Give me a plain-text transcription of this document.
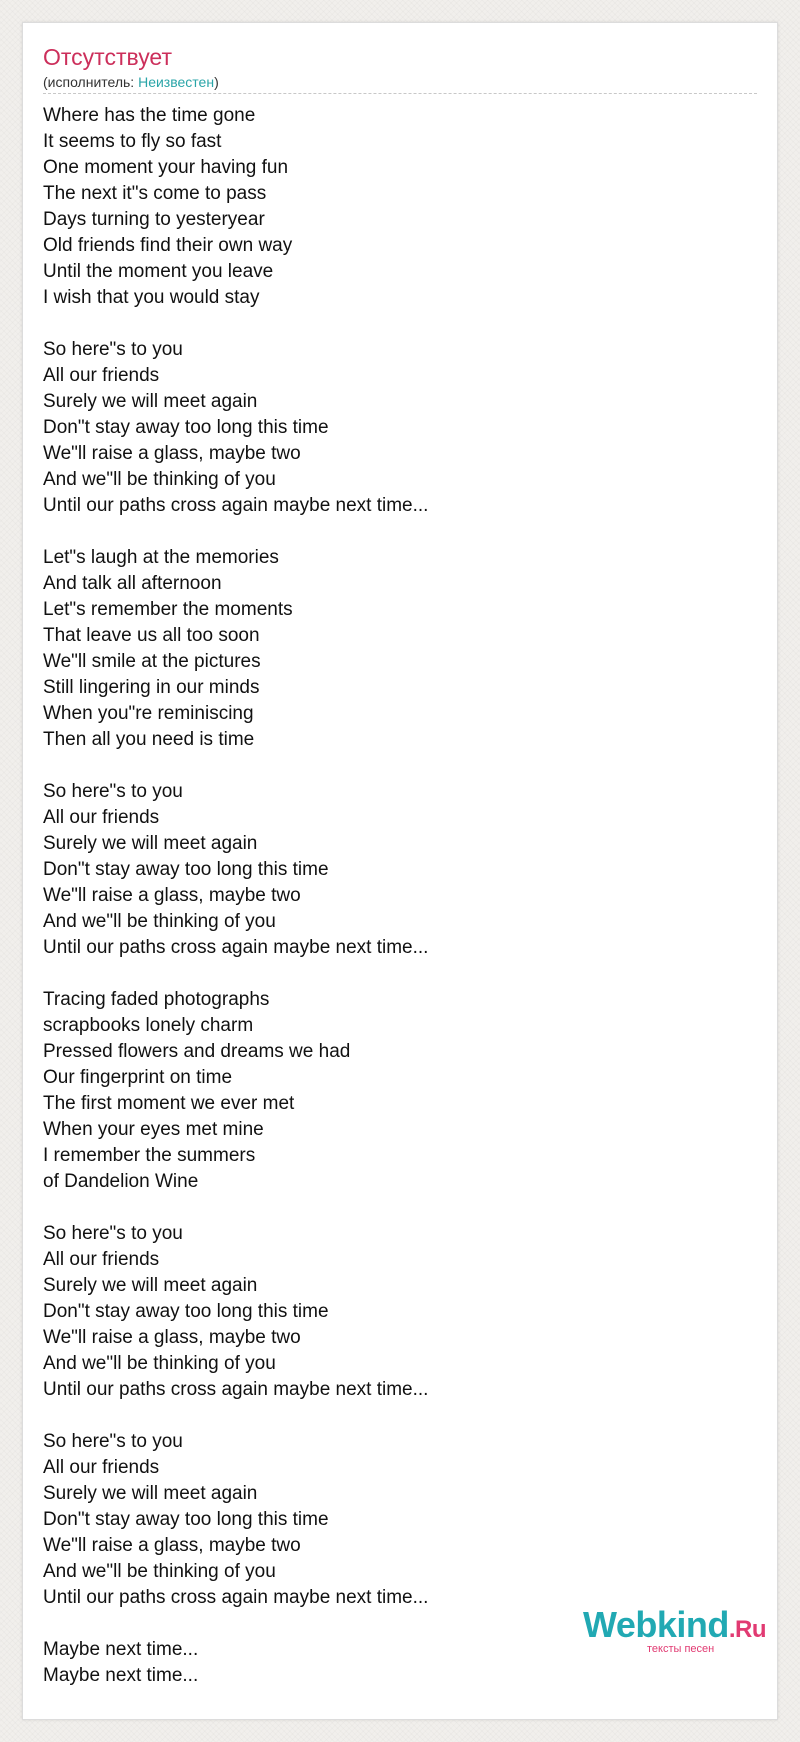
Отсутствует
(исполнитель: Неизвестен)
Where has the time gone
It seems to fly so fast
One moment your having fun
The next it"s come to pass
Days turning to yesteryear
Old friends find their own way
Until the moment you leave
I wish that you would stay
So here"s to you
All our friends
Surely we will meet again
Don"t stay away too long this time
We"ll raise a glass, maybe two
And we"ll be thinking of you
Until our paths cross again maybe next time...
Let"s laugh at the memories
And talk all afternoon
Let"s remember the moments
That leave us all too soon
We"ll smile at the pictures
Still lingering in our minds
When you"re reminiscing
Then all you need is time
So here"s to you
All our friends
Surely we will meet again
Don"t stay away too long this time
We"ll raise a glass, maybe two
And we"ll be thinking of you
Until our paths cross again maybe next time...
Tracing faded photographs
scrapbooks lonely charm
Pressed flowers and dreams we had
Our fingerprint on time
The first moment we ever met
When your eyes met mine
I remember the summers
of Dandelion Wine
So here"s to you
All our friends
Surely we will meet again
Don"t stay away too long this time
We"ll raise a glass, maybe two
And we"ll be thinking of you
Until our paths cross again maybe next time...
So here"s to you
All our friends
Surely we will meet again
Don"t stay away too long this time
We"ll raise a glass, maybe two
And we"ll be thinking of you
Until our paths cross again maybe next time...
Maybe next time...
Maybe next time...
Webkind.Ru
тексты песен
